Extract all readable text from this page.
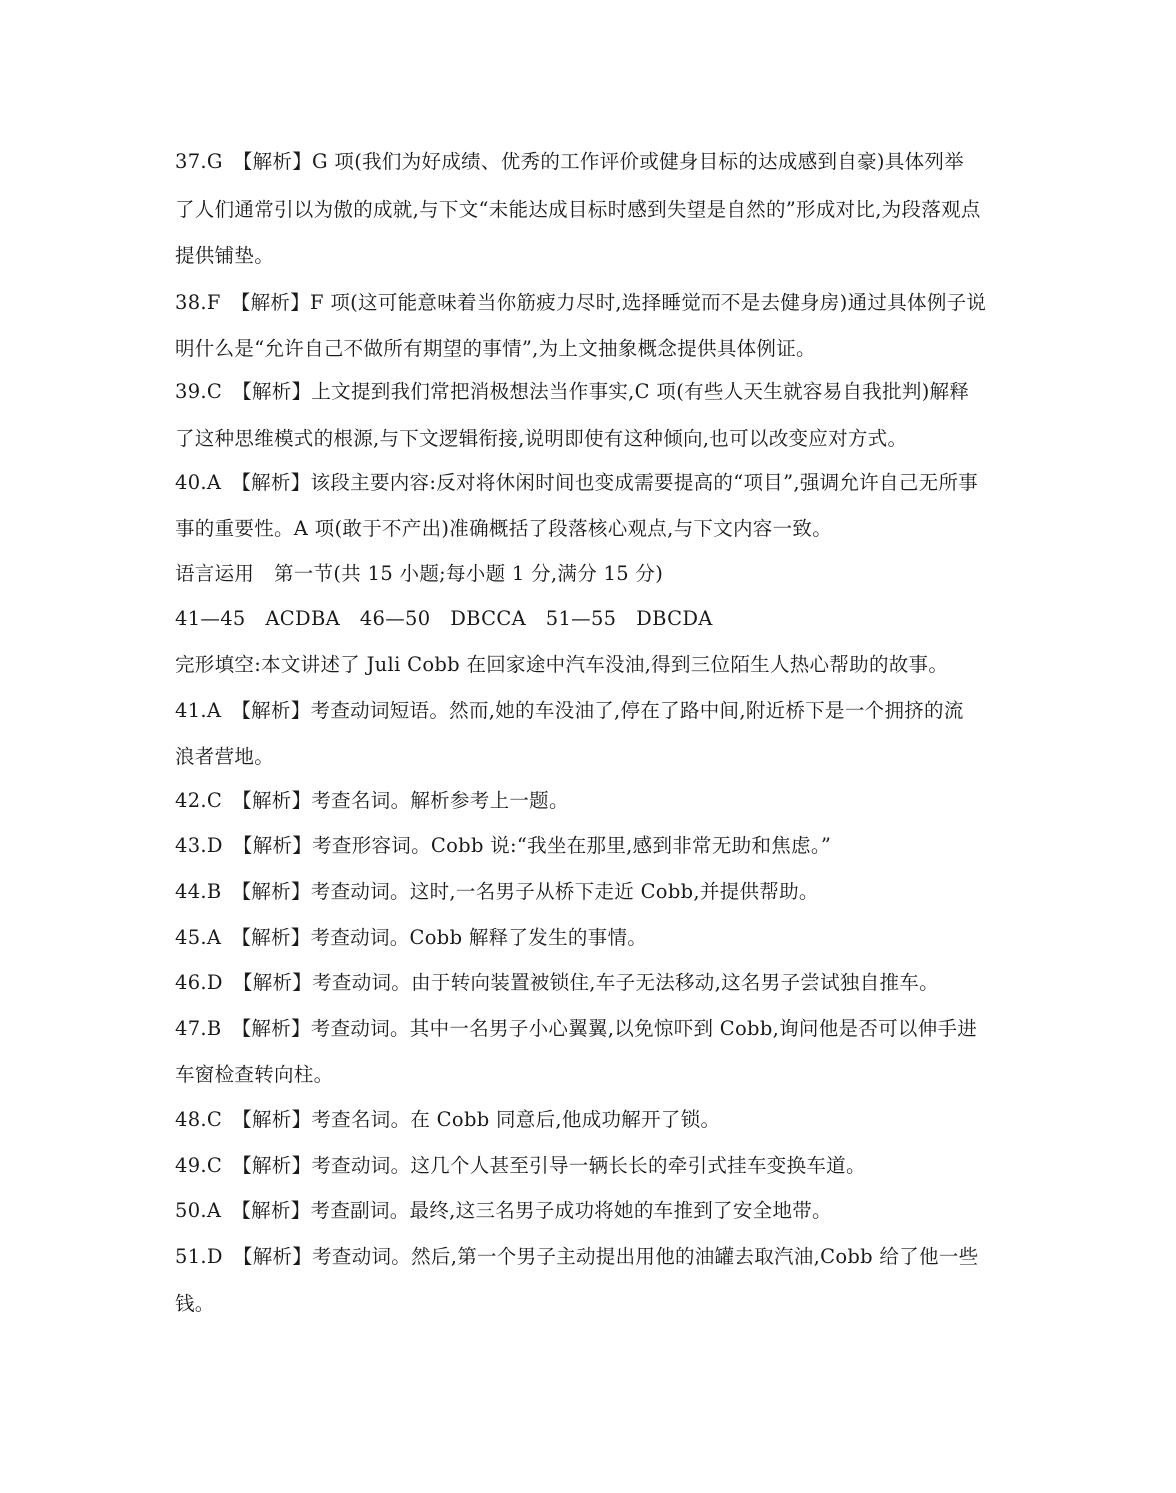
37.G　【解析】G 项(我们为好成绩、优秀的工作评价或健身目标的达成感到自豪)具体列举
了人们通常引以为傲的成就,与下文“未能达成目标时感到失望是自然的”形成对比,为段落观点
提供铺垫。
38.F　【解析】F 项(这可能意味着当你筋疲力尽时,选择睡觉而不是去健身房)通过具体例子说
明什么是“允许自己不做所有期望的事情”,为上文抽象概念提供具体例证。
39.C　【解析】上文提到我们常把消极想法当作事实,C 项(有些人天生就容易自我批判)解释
了这种思维模式的根源,与下文逻辑衔接,说明即使有这种倾向,也可以改变应对方式。
40.A　【解析】该段主要内容:反对将休闲时间也变成需要提高的“项目”,强调允许自己无所事
事的重要性。A 项(敢于不产出)准确概括了段落核心观点,与下文内容一致。
语言运用　第一节(共 15 小题;每小题 1 分,满分 15 分)
41—45　ACDBA　46—50　DBCCA　51—55　DBCDA
完形填空:本文讲述了 Juli Cobb 在回家途中汽车没油,得到三位陌生人热心帮助的故事。
41.A　【解析】考查动词短语。然而,她的车没油了,停在了路中间,附近桥下是一个拥挤的流
浪者营地。
42.C　【解析】考查名词。解析参考上一题。
43.D　【解析】考查形容词。Cobb 说:“我坐在那里,感到非常无助和焦虑。”
44.B　【解析】考查动词。这时,一名男子从桥下走近 Cobb,并提供帮助。
45.A　【解析】考查动词。Cobb 解释了发生的事情。
46.D　【解析】考查动词。由于转向装置被锁住,车子无法移动,这名男子尝试独自推车。
47.B　【解析】考查动词。其中一名男子小心翼翼,以免惊吓到 Cobb,询问他是否可以伸手进
车窗检查转向柱。
48.C　【解析】考查名词。在 Cobb 同意后,他成功解开了锁。
49.C　【解析】考查动词。这几个人甚至引导一辆长长的牵引式挂车变换车道。
50.A　【解析】考查副词。最终,这三名男子成功将她的车推到了安全地带。
51.D　【解析】考查动词。然后,第一个男子主动提出用他的油罐去取汽油,Cobb 给了他一些
钱。
